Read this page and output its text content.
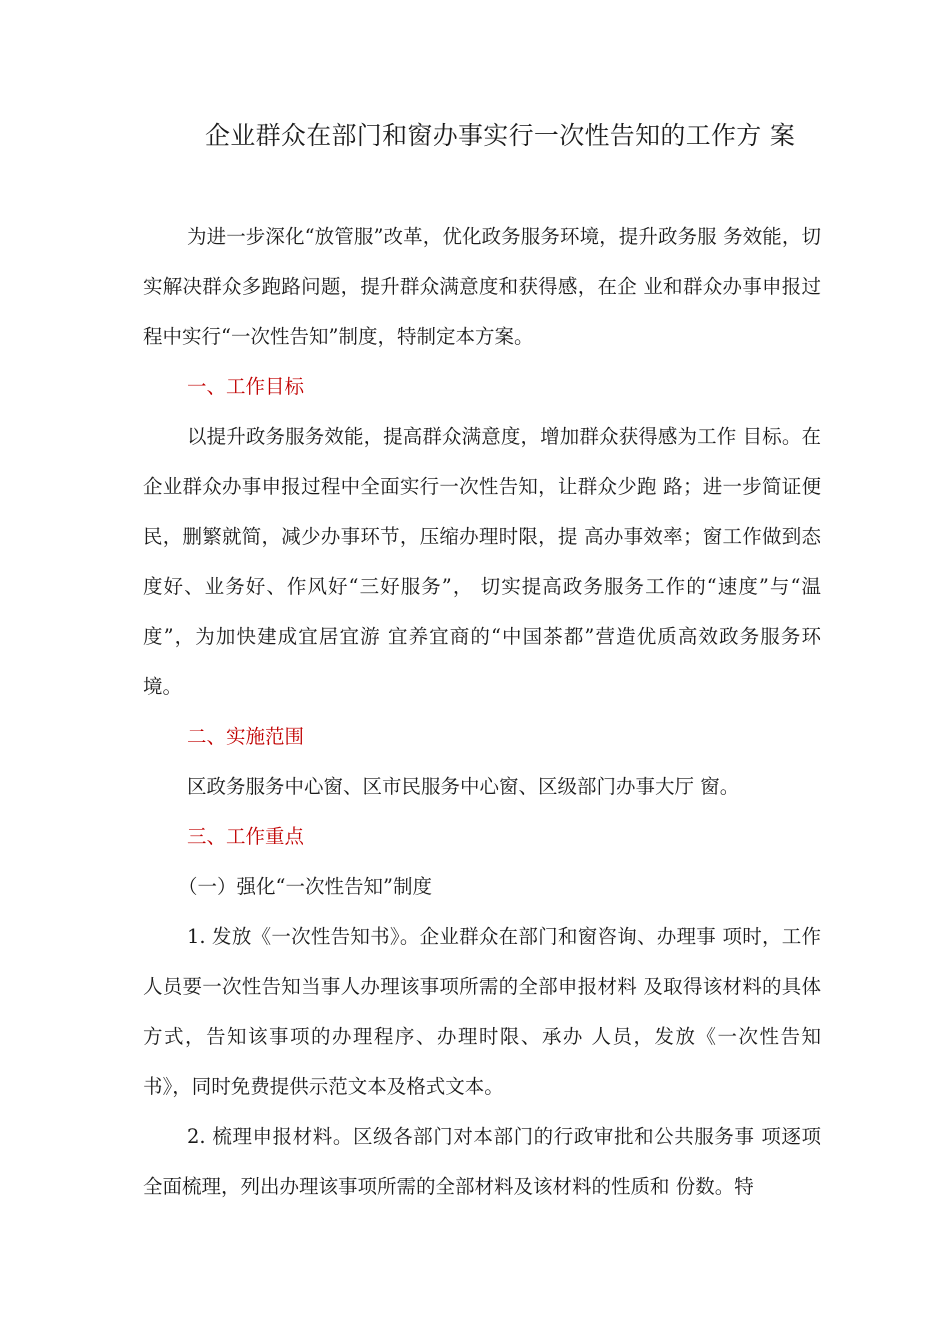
企业群众在部门和窗办事实行一次性告知的工作方 案
为进一步深化“放管服”改革，优化政务服务环境，提升政务服 务效能，切实解决群众多跑路问题，提升群众满意度和获得感，在企 业和群众办事申报过程中实行“一次性告知”制度，特制定本方案。
一、工作目标
以提升政务服务效能，提高群众满意度，增加群众获得感为工作 目标。在企业群众办事申报过程中全面实行一次性告知，让群众少跑 路；进一步简证便民，删繁就简，减少办事环节，压缩办理时限，提 高办事效率；窗工作做到态度好、业务好、作风好“三好服务”， 切实提高政务服务工作的“速度”与“温度”，为加快建成宜居宜游 宜养宜商的“中国茶都”营造优质高效政务服务环境。
二、实施范围
区政务服务中心窗、区市民服务中心窗、区级部门办事大厅 窗。
三、工作重点
（一）强化“一次性告知”制度
1. 发放《一次性告知书》。企业群众在部门和窗咨询、办理事 项时，工作人员要一次性告知当事人办理该事项所需的全部申报材料 及取得该材料的具体方式，告知该事项的办理程序、办理时限、承办 人员，发放《一次性告知书》，同时免费提供示范文本及格式文本。
2. 梳理申报材料。区级各部门对本部门的行政审批和公共服务事 项逐项全面梳理，列出办理该事项所需的全部材料及该材料的性质和 份数。特
